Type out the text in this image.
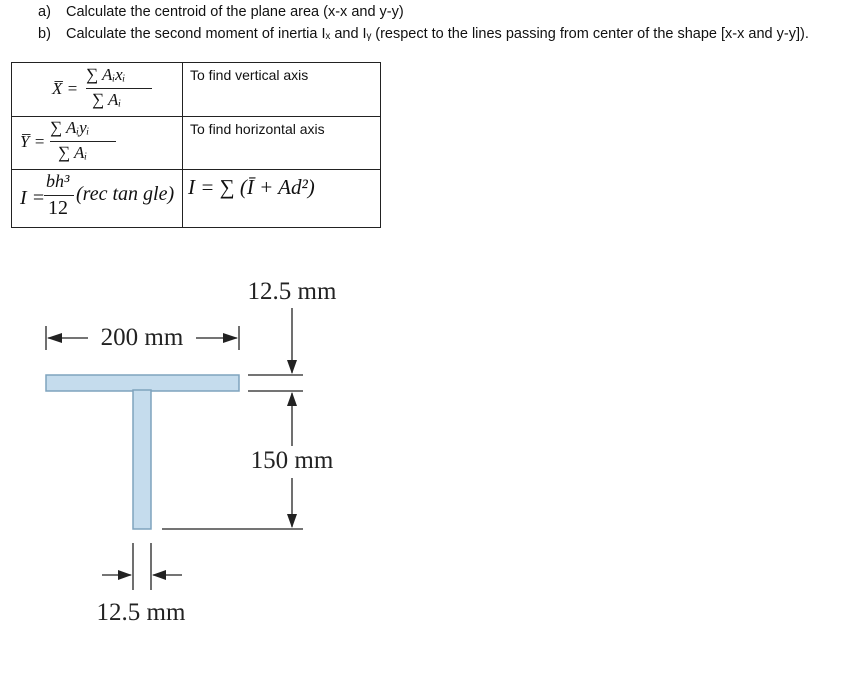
a) Calculate the centroid of the plane area (x-x and y-y)
b) Calculate the second moment of inertia Iₓ and Iᵧ (respect to the lines passing from center of the shape [x-x and y-y]).
X̅ =
∑ Aᵢxᵢ
∑ Aᵢ
To find vertical axis
Y̅ =
∑ Aᵢyᵢ
∑ Aᵢ
To find horizontal axis
I =
bh³
12
(rec tan gle) I = ∑ (Ī + Ad²)
200 mm
12.5 mm
150 mm
12.5 mm
